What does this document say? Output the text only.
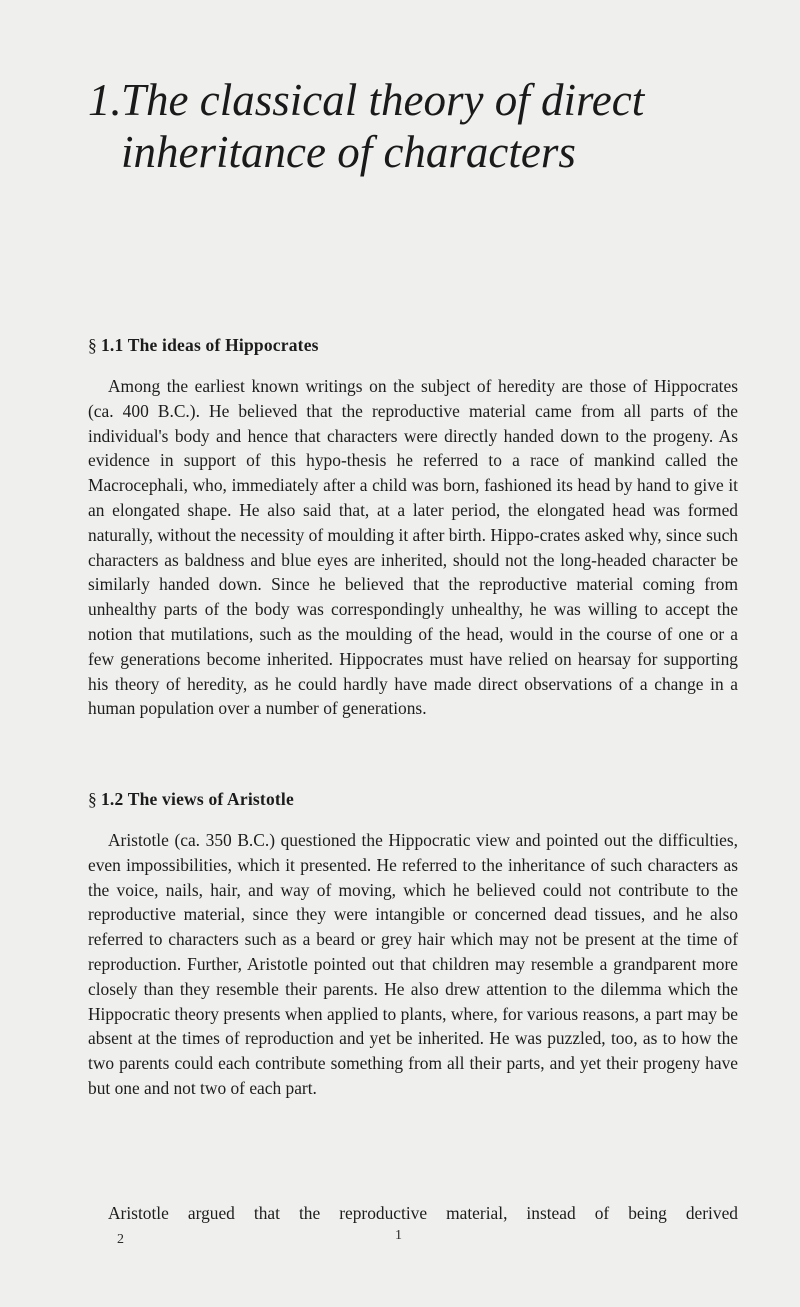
1.The classical theory of direct
inheritance of characters
§ 1.1 The ideas of Hippocrates

Among the earliest known writings on the subject of heredity are those of Hippocrates (ca. 400 B.C.). He believed that the reproductive material came from all parts of the individual's body and hence that characters were directly handed down to the progeny. As evidence in support of this hypo-thesis he referred to a race of mankind called the Macrocephali, who, immediately after a child was born, fashioned its head by hand to give it an elongated shape. He also said that, at a later period, the elongated head was formed naturally, without the necessity of moulding it after birth. Hippo-crates asked why, since such characters as baldness and blue eyes are inherited, should not the long-headed character be similarly handed down. Since he believed that the reproductive material coming from unhealthy parts of the body was correspondingly unhealthy, he was willing to accept the notion that mutilations, such as the moulding of the head, would in the course of one or a few generations become inherited. Hippocrates must have relied on hearsay for supporting his theory of heredity, as he could hardly have made direct observations of a change in a human population over a number of generations.

§ 1.2 The views of Aristotle

Aristotle (ca. 350 B.C.) questioned the Hippocratic view and pointed out the difficulties, even impossibilities, which it presented. He referred to the inheritance of such characters as the voice, nails, hair, and way of moving, which he believed could not contribute to the reproductive material, since they were intangible or concerned dead tissues, and he also referred to characters such as a beard or grey hair which may not be present at the time of reproduction. Further, Aristotle pointed out that children may resemble a grandparent more closely than they resemble their parents. He also drew attention to the dilemma which the Hippocratic theory presents when applied to plants, where, for various reasons, a part may be absent at the times of reproduction and yet be inherited. He was puzzled, too, as to how the two parents could each contribute something from all their parts, and yet their progeny have but one and not two of each part.

Aristotle argued that the reproductive material, instead of being derived

2	1
